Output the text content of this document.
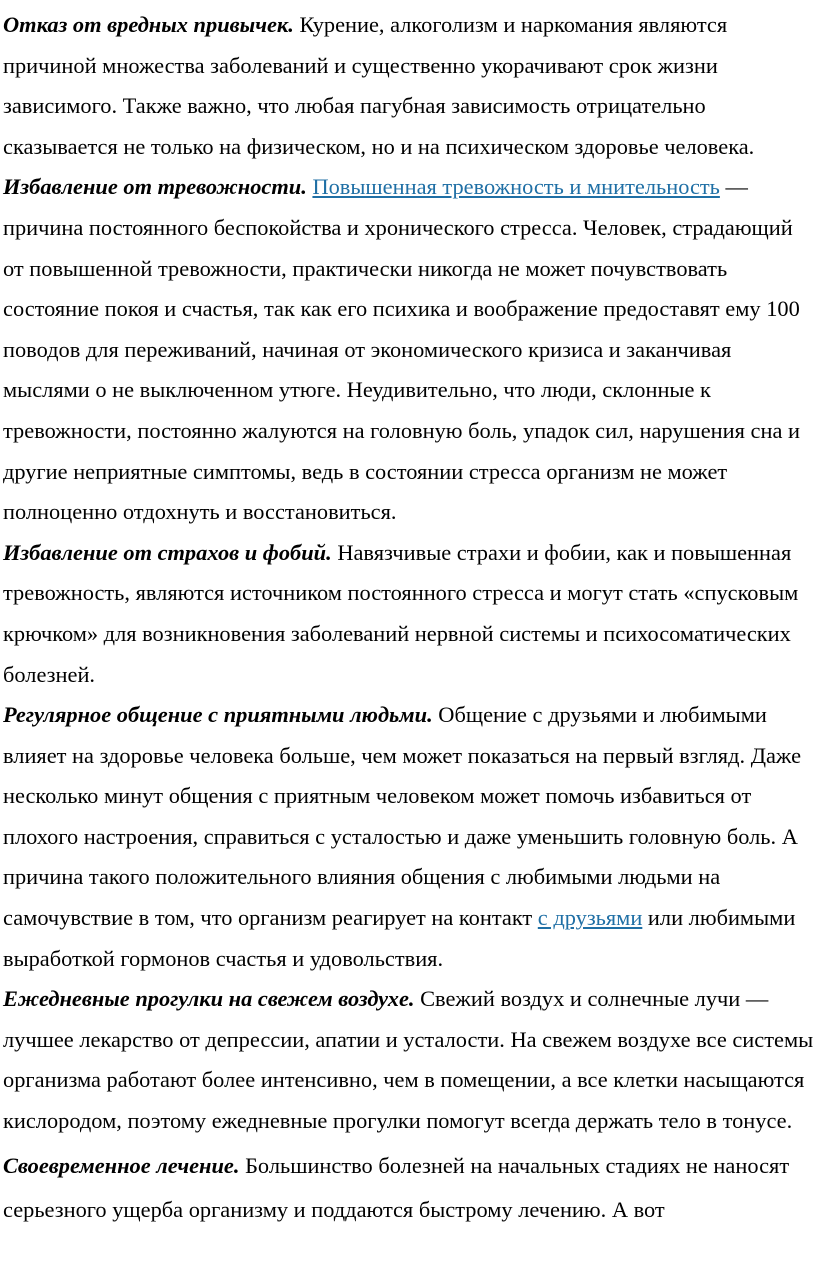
Отказ от вредных привычек. Курение, алкоголизм и наркомания являются причиной множества заболеваний и существенно укорачивают срок жизни зависимого. Также важно, что любая пагубная зависимость отрицательно сказывается не только на физическом, но и на психическом здоровье человека.

Избавление от тревожности. Повышенная тревожность и мнительность — причина постоянного беспокойства и хронического стресса. Человек, страдающий от повышенной тревожности, практически никогда не может почувствовать состояние покоя и счастья, так как его психика и воображение предоставят ему 100 поводов для переживаний, начиная от экономического кризиса и заканчивая мыслями о не выключенном утюге. Неудивительно, что люди, склонные к тревожности, постоянно жалуются на головную боль, упадок сил, нарушения сна и другие неприятные симптомы, ведь в состоянии стресса организм не может полноценно отдохнуть и восстановиться.

Избавление от страхов и фобий. Навязчивые страхи и фобии, как и повышенная тревожность, являются источником постоянного стресса и могут стать «спусковым крючком» для возникновения заболеваний нервной системы и психосоматических болезней.

Регулярное общение с приятными людьми. Общение с друзьями и любимыми влияет на здоровье человека больше, чем может показаться на первый взгляд. Даже несколько минут общения с приятным человеком может помочь избавиться от плохого настроения, справиться с усталостью и даже уменьшить головную боль. А причина такого положительного влияния общения с любимыми людьми на самочувствие в том, что организм реагирует на контакт с друзьями или любимыми выработкой гормонов счастья и удовольствия.

Ежедневные прогулки на свежем воздухе. Свежий воздух и солнечные лучи — лучшее лекарство от депрессии, апатии и усталости. На свежем воздухе все системы организма работают более интенсивно, чем в помещении, а все клетки насыщаются кислородом, поэтому ежедневные прогулки помогут всегда держать тело в тонусе.

Своевременное лечение. Большинство болезней на начальных стадиях не наносят серьезного ущерба организму и поддаются быстрому лечению. А вот
